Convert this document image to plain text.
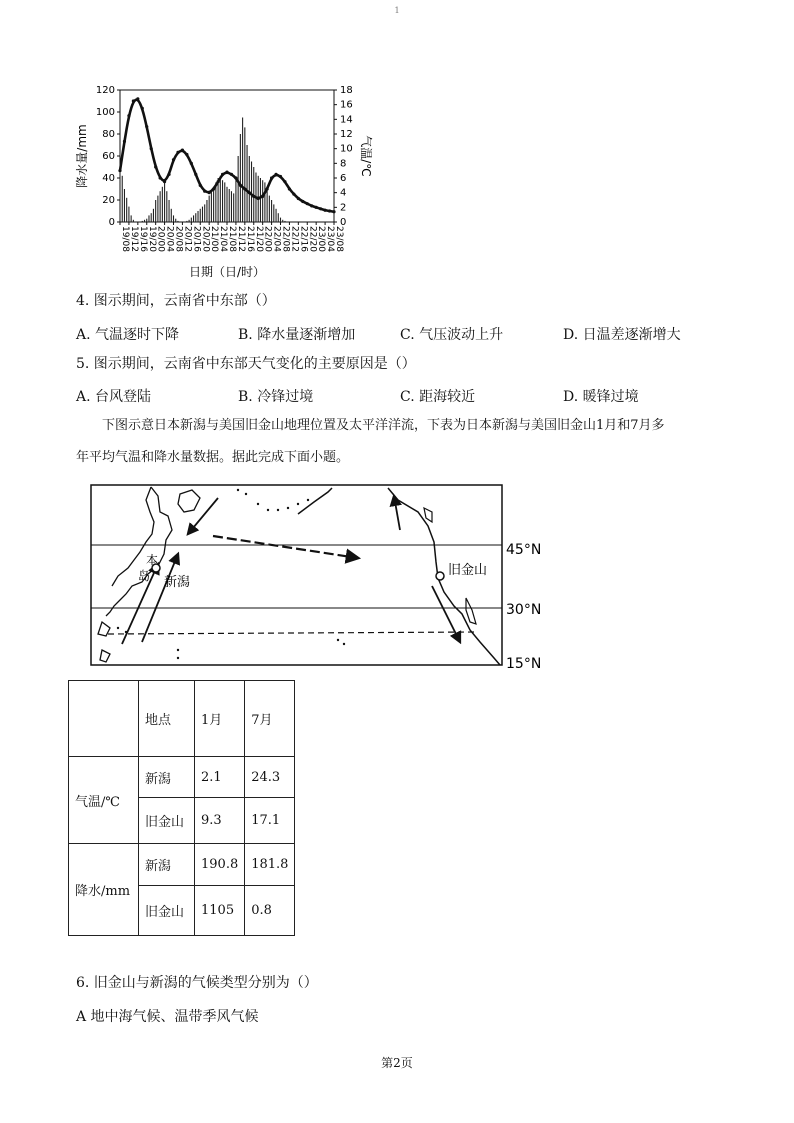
1
0
20
40
60
80
100
120
0
2
4
6
8
10
12
14
16
18
19/08
19/12
19/16
19/20
20/00
20/04
20/08
20/12
20/16
20/20
21/00
21/04
21/08
21/12
21/16
21/20
22/00
22/04
22/08
22/12
22/16
22/20
23/00
23/04
23/08
降水量/mm	气温/℃
日期（日/时）
4. 图示期间，云南省中东部（）
A. 气温逐时下降	B. 降水量逐渐增加	C. 气压波动上升	D. 日温差逐渐增大
5. 图示期间，云南省中东部天气变化的主要原因是（）
A. 台风登陆	B. 冷锋过境	C. 距海较近	D. 暖锋过境
下图示意日本新潟与美国旧金山地理位置及太平洋洋流，下表为日本新潟与美国旧金山1月和7月多
年平均气温和降水量数据。据此完成下面小题。
新潟
本
岛	旧金山
45°N
30°N
15°N
	地点	1月	7月
气温/℃	新潟	2.1	24.3
	旧金山	9.3	17.1
降水/mm	新潟	190.8	181.8
	旧金山	1105	0.8
6. 旧金山与新潟的气候类型分别为（）
A 地中海气候、温带季风气候
第2页
